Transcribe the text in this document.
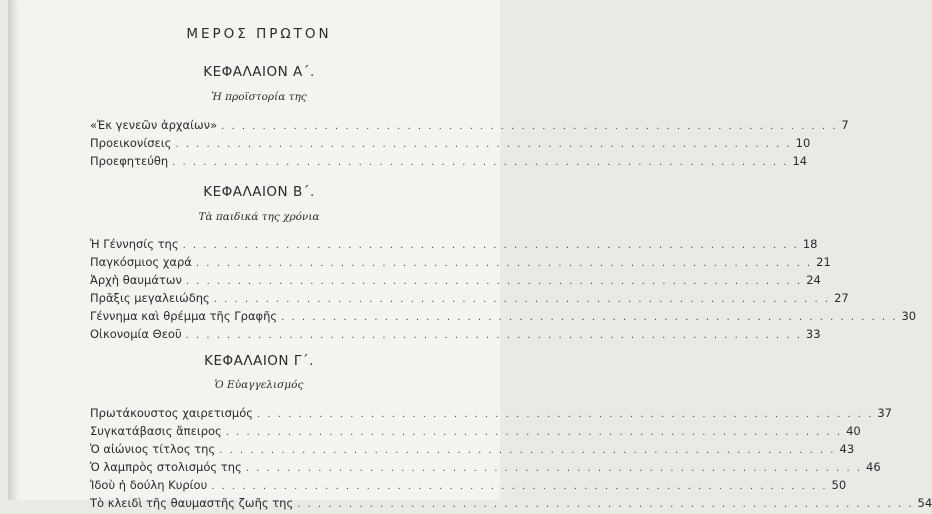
ΜΕΡΟΣ ΠΡΩΤΟΝ
ΚΕΦΑΛΑΙΟΝ Α΄.
Ἡ προϊστορία της
«Ἐκ γενεῶν ἀρχαίων» . . . . . . . . . . . . . . . . . . . . . . . . . . . . . . . . . . . . . . . . . . . . . . . . . . . . . . . . . . . . 7
Προεικονίσεις . . . . . . . . . . . . . . . . . . . . . . . . . . . . . . . . . . . . . . . . . . . . . . . . . . . . . . . . . . . . 10
Προεφητεύθη . . . . . . . . . . . . . . . . . . . . . . . . . . . . . . . . . . . . . . . . . . . . . . . . . . . . . . . . . . . . 14
ΚΕΦΑΛΑΙΟΝ Β΄.
Τὰ παιδικά της χρόνια
Ἡ Γέννησίς της . . . . . . . . . . . . . . . . . . . . . . . . . . . . . . . . . . . . . . . . . . . . . . . . . . . . . . . . . . . . 18
Παγκόσμιος χαρά . . . . . . . . . . . . . . . . . . . . . . . . . . . . . . . . . . . . . . . . . . . . . . . . . . . . . . . . . . . . 21
Ἀρχὴ θαυμάτων . . . . . . . . . . . . . . . . . . . . . . . . . . . . . . . . . . . . . . . . . . . . . . . . . . . . . . . . . . . . 24
Πρᾶξις μεγαλειώδης . . . . . . . . . . . . . . . . . . . . . . . . . . . . . . . . . . . . . . . . . . . . . . . . . . . . . . . . . . . . 27
Γέννημα καὶ θρέμμα τῆς Γραφῆς . . . . . . . . . . . . . . . . . . . . . . . . . . . . . . . . . . . . . . . . . . . . . . . . . . . . . . . . . . . . 30
Οἰκονομία Θεοῦ . . . . . . . . . . . . . . . . . . . . . . . . . . . . . . . . . . . . . . . . . . . . . . . . . . . . . . . . . . . . 33
ΚΕΦΑΛΑΙΟΝ Γ΄.
Ὁ Εὐαγγελισμός
Πρωτάκουστος χαιρετισμός . . . . . . . . . . . . . . . . . . . . . . . . . . . . . . . . . . . . . . . . . . . . . . . . . . . . . . . . . . . . 37
Συγκατάβασις ἄπειρος . . . . . . . . . . . . . . . . . . . . . . . . . . . . . . . . . . . . . . . . . . . . . . . . . . . . . . . . . . . . 40
Ὁ αἰώνιος τίτλος της . . . . . . . . . . . . . . . . . . . . . . . . . . . . . . . . . . . . . . . . . . . . . . . . . . . . . . . . . . . . 43
Ὁ λαμπρὸς στολισμός της . . . . . . . . . . . . . . . . . . . . . . . . . . . . . . . . . . . . . . . . . . . . . . . . . . . . . . . . . . . . 46
Ἰδοὺ ἡ δούλη Κυρίου . . . . . . . . . . . . . . . . . . . . . . . . . . . . . . . . . . . . . . . . . . . . . . . . . . . . . . . . . . . . 50
Τὸ κλειδὶ τῆς θαυμαστῆς ζωῆς της . . . . . . . . . . . . . . . . . . . . . . . . . . . . . . . . . . . . . . . . . . . . . . . . . . . . . . . . . . . . 54
